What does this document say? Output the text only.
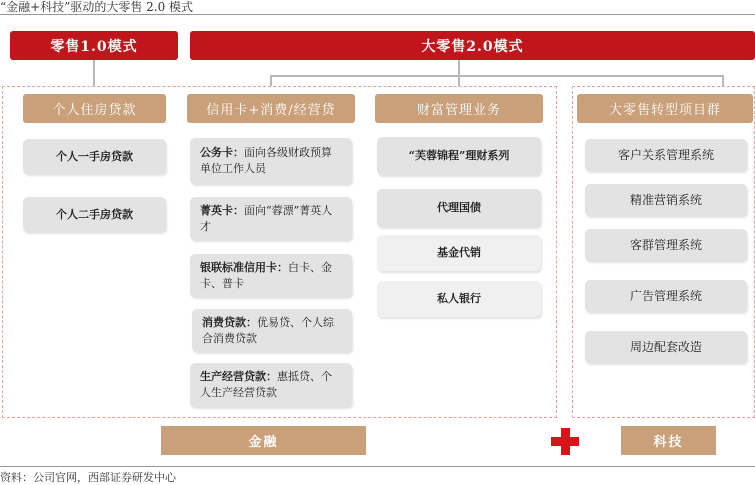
“金融+科技”驱动的大零售 2.0 模式
零售1.0模式	大零售2.0模式
个人住房贷款	信用卡+消费/经营贷	财富管理业务	大零售转型项目群
个人一手房贷款
个人二手房贷款
公务卡：面向各级财政预算单位工作人员
菁英卡：面向“蓉漂”菁英人才
银联标准信用卡：白卡、金卡、普卡
消费贷款：优易贷、个人综合消费贷款
生产经营贷款：惠抵贷、个人生产经营贷款
“芙蓉锦程”理财系列
代理国债
基金代销
私人银行
客户关系管理系统
精准营销系统
客群管理系统
广告管理系统
周边配套改造
金融	科技
资料：公司官网，西部证券研发中心
